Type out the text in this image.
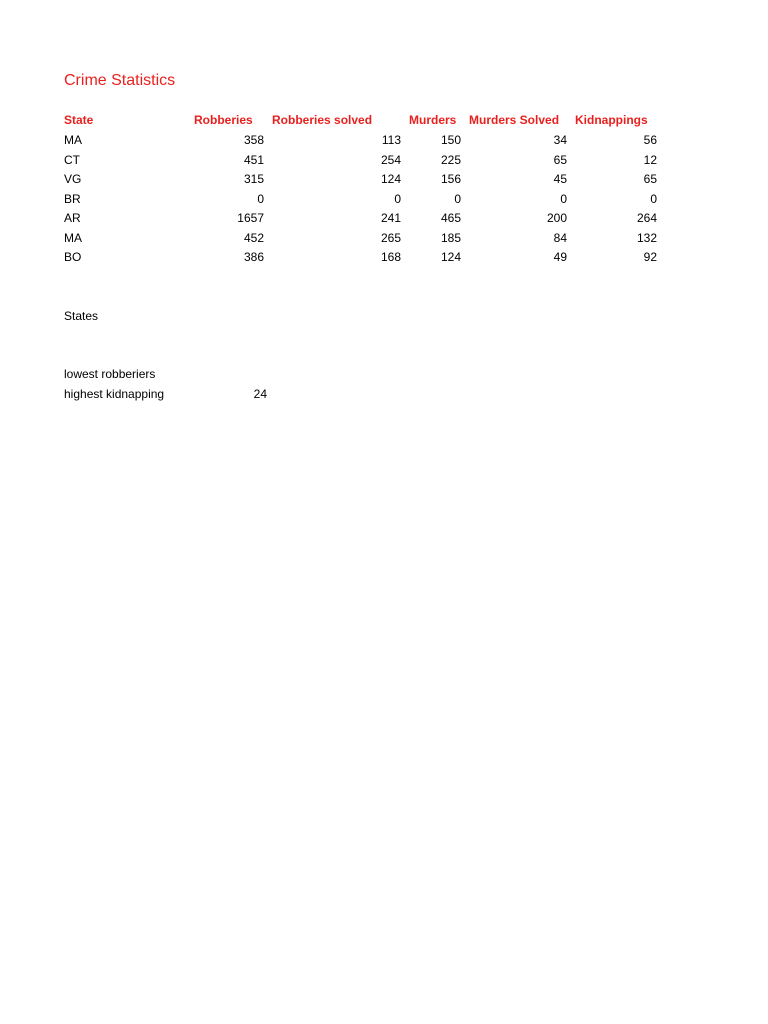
Crime Statistics
State	Robberies	Robberies solved	Murders	Murders Solved	Kidnappings
MA	358	113	150	34	56
CT	451	254	225	65	12
VG	315	124	156	45	65
BR	0	0	0	0	0
AR	1657	241	465	200	264
MA	452	265	185	84	132
BO	386	168	124	49	92
States
lowest robberiers
highest kidnapping	24
